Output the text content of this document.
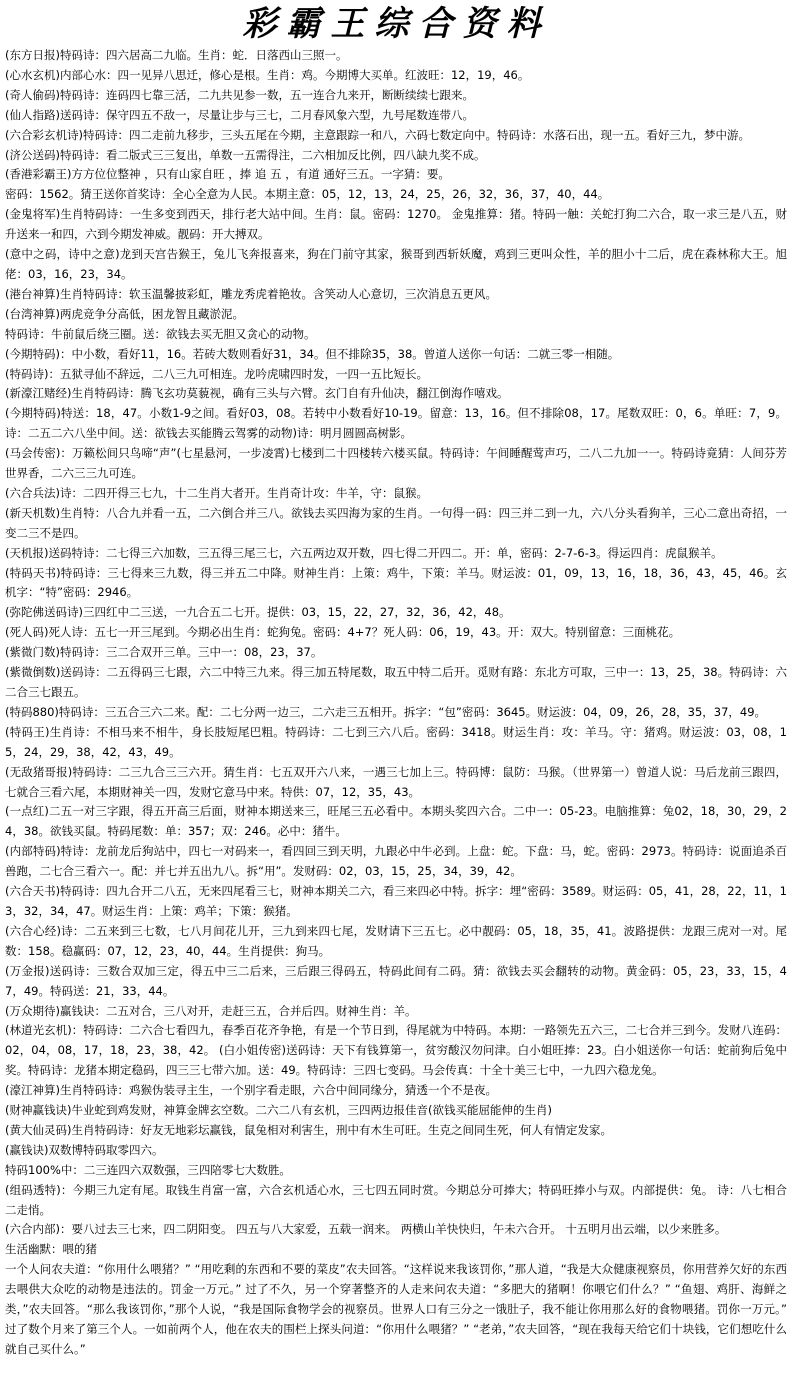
彩霸王综合资料

(东方日报)特码诗：四六居高二九临。生肖：蛇．日落西山三照一。

(心水玄机)内部心水：四一见异八思迁，修心是根。生肖：鸡。今期博大买单。红波旺：12，19，46。

(奇人偷码)特码诗：连码四七靠三活，二九共见参一数，五一连合九来开，断断续续七跟来。

(仙人指路)送码诗：保守四五不敌一，尽量让步与三七，二月春风象六型，九号尾数连带八。

(六合彩玄机诗)特码诗：四二走前九移步，三头五尾在今期，主意跟踪一和八，六码七数定向中。特码诗：水落石出，现一五。看好三九，梦中游。

(济公送码)特码诗：看二版式三三复出，单数一五需得注，二六相加反比例，四八缺九奖不成。

(香港彩霸王)方方位位整神 ，只有山家自旺 ，捧 追 五 ，有道 通好三五。一字猜：要。

密码：1562。猜王送你首奖诗：全心全意为人民。本期主意：05，12，13，24，25，26，32，36，37，40，44。

(金鬼将军)生肖特码诗：一生多变到西天，排行老大站中间。生肖：鼠。密码：1270。 金鬼推算：猪。特码一触：关蛇打狗二六合，取一求三是八五，财升送来一和四，六到今期发神威。靓码：开大搏双。

(意中之码，诗中之意)龙到天宫告猴王，兔儿飞奔报喜来，狗在门前守其家，猴哥到西斩妖魔，鸡到三更叫众性，羊的胆小十二后，虎在森林称大王。旭佬：03，16，23，34。

(港台神算)生肖特码诗：软玉温馨披彩虹，雕龙秀虎着艳妆。含笑动人心意切，三次消息五更风。

(台湾神算)两虎竞争分高低，困龙智且藏淤泥。

特码诗：牛前鼠后绕三圈。送：欲钱去买无胆又贪心的动物。

(今期特码)：中小数，看好11，16。若砖大数则看好31，34。但不排除35，38。曾道人送你一句话：二就三零一相随。

(特码诗)：五狱寻仙不辞远，二八三九可相连。龙吟虎啸四时发，一四一五比短长。

(新濠江赌经)生肖特码诗：腾飞玄功莫藐视，确有三头与六臂。玄门自有升仙决，翻江倒海作嘻戏。

(今期特码)特送：18，47。小数1-9之间。看好03，08。若转中小数看好10-19。留意：13，16。但不排除08，17。尾数双旺：0，6。单旺：7，9。诗：二五二六八坐中间。送：欲钱去买能腾云驾雾的动物)诗：明月圆圆高树影。

(马会传密)：万籁松间只鸟啼“声”(七星悬河，一步凌霄)七楼到二十四楼转六楼买鼠。特码诗：午间睡醒莺声巧，二八二九加一一。特码诗竟猜：人间芬芳世界香，二六三三九可连。

(六合兵法)诗：二四开得三七九，十二生肖大者开。生肖奇计攻：牛羊，守：鼠猴。

(新天机数)生肖特：八合九并看一五，二六倒合并三八。欲钱去买四海为家的生肖。一句得一码：四三并二到一九，六八分头看狗羊，三心二意出奇招，一变二三不是四。

(天机报)送码特诗：二七得三六加数，三五得三尾三七，六五两边双开数，四七得二开四二。开：单，密码：2-7-6-3。得运四肖：虎鼠猴羊。

(特码天书)特码诗：三七得来三九数，得三并五二中降。财神生肖：上策：鸡牛，下策：羊马。财运波：01，09，13，16，18，36，43，45，46。玄机字：“特”密码：2946。

(弥陀佛送码诗)三四红中二三送，一九合五二七开。提供：03，15，22，27，32，36，42，48。

(死人码)死人诗：五七一开三尾到。今期必出生肖：蛇狗兔。密码：4+7？死人码：06，19，43。开：双大。特别留意：三面桃花。

(紫微门数)特码诗：三二合双开三单。三中一：08，23，37。

(紫微倒数)送码诗：二五得码三七跟，六二中特三九来。得三加五特尾数，取五中特二后开。觅财有路：东北方可取，三中一：13，25，38。特码诗：六二合三七跟五。

(特码880)特码诗：三五合三六二来。配：二七分两一边三，二六走三五相开。拆字：“包”密码：3645。财运波：04，09，26，28，35，37，49。

(特码王)生肖诗：不相马来不相牛，身长肢短尾巴粗。特码诗：二七到三六八后。密码：3418。财运生肖：攻：羊马。守：猪鸡。财运波：03，08，15，24，29，38，42，43，49。

(无敌猪哥报)特码诗：二三九合三三六开。猜生肖：七五双开六八来，一遇三七加上三。特码博：鼠防：马猴。（世界第一）曾道人说：马后龙前三跟四，七就合三看六尾，本期财神关一四，发财它意马中来。特供：07，12，35，43。

(一点红)二五一对三字跟，得五开高三后面，财神本期送来三，旺尾三五必看中。本期头奖四六合。二中一：05-23。电脑推算：兔02，18，30，29，24，38。欲钱买鼠。特码尾数：单：357；双：246。必中：猪牛。

(内部特码)特诗：龙前龙后狗站中，四七一对码来一，看四回三到天明，九跟必中牛必到。上盘：蛇。下盘：马，蛇。密码：2973。特码诗：说面追杀百兽跑，二七合三看六一。配：并七并五出九八。拆“用”。发财码：02，03，15，25，34，39，42。

(六合天书)特码诗：四九合开二八五，无来四尾看三七，财神本期关二六，看三来四必中特。拆字：埋“密码：3589。财运码：05，41，28，22，11，13，32，34，47。财运生肖：上策：鸡羊；下策：猴猪。

(六合心经)诗：二五来到三七数，七八月间花儿开，三九到来四七尾，发财请下三五七。必中靓码：05，18，35，41。波路提供：龙跟三虎对一对。尾数：158。稳赢码：07，12，23，40，44。生肖提供：狗马。

(万金报)送码诗：三数合双加三定，得五中三二后来，三后跟三得码五，特码此间有二码。猜：欲钱去买会翻转的动物。黄金码：05，23，33，15，47，49。特码送：21，33，44。

(万众期待)赢钱诀：二五对合，三八对开，走赶三五，合并后四。财神生肖：羊。

(林道光玄机)：特码诗：二六合七看四九，春季百花齐争艳，有是一个节日到，得尾就为中特码。本期：一路领先五六三，二七合并三到今。发财八连码：02，04，08，17，18，23，38，42。 (白小姐传密)送码诗：天下有钱算第一，贫穷酸汉勿问津。白小姐旺捧：23。白小姐送你一句话：蛇前狗后兔中奖。特码诗：龙猪本期定稳码，四三三七带六加。送：49。特码诗：三四七变码。马会传真：十全十美三七中，一九四六稳龙兔。

(濠江神算)生肖特码诗：鸡猴伪装寻主生，一个别字看走眼，六合中间同缘分，猜透一个不是夜。

(财神赢钱诀)牛业蛇到鸡发财，神算金牌玄空数。二六二八有玄机，三四两边报佳音(欲钱买能屈能伸的生肖)

(黄大仙灵码)生肖特码诗：好友无地彩坛赢钱，鼠兔相对利害生，刑中有木生可旺。生克之间同生死，何人有情定发家。

(赢钱诀)双数博特码取零四六。

特码100%中：二三连四六双数强，三四陪零七大数胜。

(组码透特)：今期三九定有尾。取钱生肖富一富，六合玄机适心水，三七四五同时赏。今期总分可捧大；特码旺捧小与双。内部提供：兔。 诗：八七相合二走悄。

(六合内部)：要八过去三七来，四二阴阳变。 四五与八大家爱，五载一润来。 两横山羊快快归，午未六合开。 十五明月出云端，以少来胜多。

生活幽默：喂的猪

一个人问农夫道：“你用什么喂猪？” “用吃剩的东西和不要的菜皮”农夫回答。“这样说来我该罚你，”那人道，“我是大众健康视察员，你用营养欠好的东西去喂供大众吃的动物是违法的。罚金一万元。” 过了不久，另一个穿著整齐的人走来问农夫道：“多肥大的猪啊！你喂它们什么？” “鱼翅、鸡肝、海鲜之类，”农夫回答。“那么我该罚你，”那个人说，“我是国际食物学会的视察员。世界人口有三分之一饿肚子，我不能让你用那么好的食物喂猪。罚你一万元。” 过了数个月来了第三个人。一如前两个人，他在农夫的围栏上探头问道：“你用什么喂猪？” “老弟，”农夫回答，“现在我每天给它们十块钱，它们想吃什么就自己买什么。”
